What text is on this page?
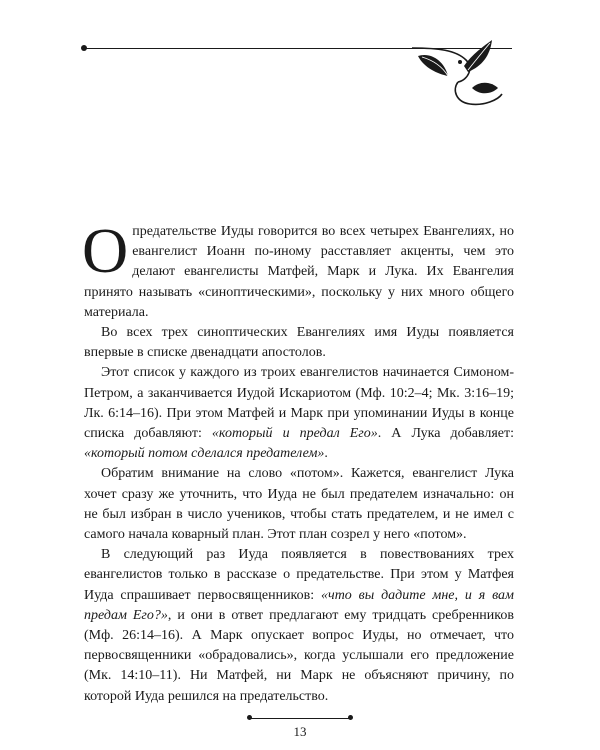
Опредательстве Иуды говорится во всех четырех Евангелиях, но евангелист Иоанн по-иному расставляет акценты, чем это делают евангелисты Матфей, Марк и Лука. Их Евангелия принято называть «синоптическими», поскольку у них много общего материала.

Во всех трех синоптических Евангелиях имя Иуды появляется впервые в списке двенадцати апостолов.

Этот список у каждого из троих евангелистов начинается Симоном-Петром, а заканчивается Иудой Искариотом (Мф. 10:2–4; Мк. 3:16–19; Лк. 6:14–16). При этом Матфей и Марк при упоминании Иуды в конце списка добавляют: «который и предал Его». А Лука добавляет: «который потом сделался предателем».

Обратим внимание на слово «потом». Кажется, евангелист Лука хочет сразу же уточнить, что Иуда не был предателем изначально: он не был избран в число учеников, чтобы стать предателем, и не имел с самого начала коварный план. Этот план созрел у него «потом».

В следующий раз Иуда появляется в повествованиях трех евангелистов только в рассказе о предательстве. При этом у Матфея Иуда спрашивает первосвященников: «что вы дадите мне, и я вам предам Его?», и они в ответ предлагают ему тридцать сребренников (Мф. 26:14–16). А Марк опускает вопрос Иуды, но отмечает, что первосвященники «обрадовались», когда услышали его предложение (Мк. 14:10–11). Ни Матфей, ни Марк не объясняют причину, по которой Иуда решился на предательство.

13
